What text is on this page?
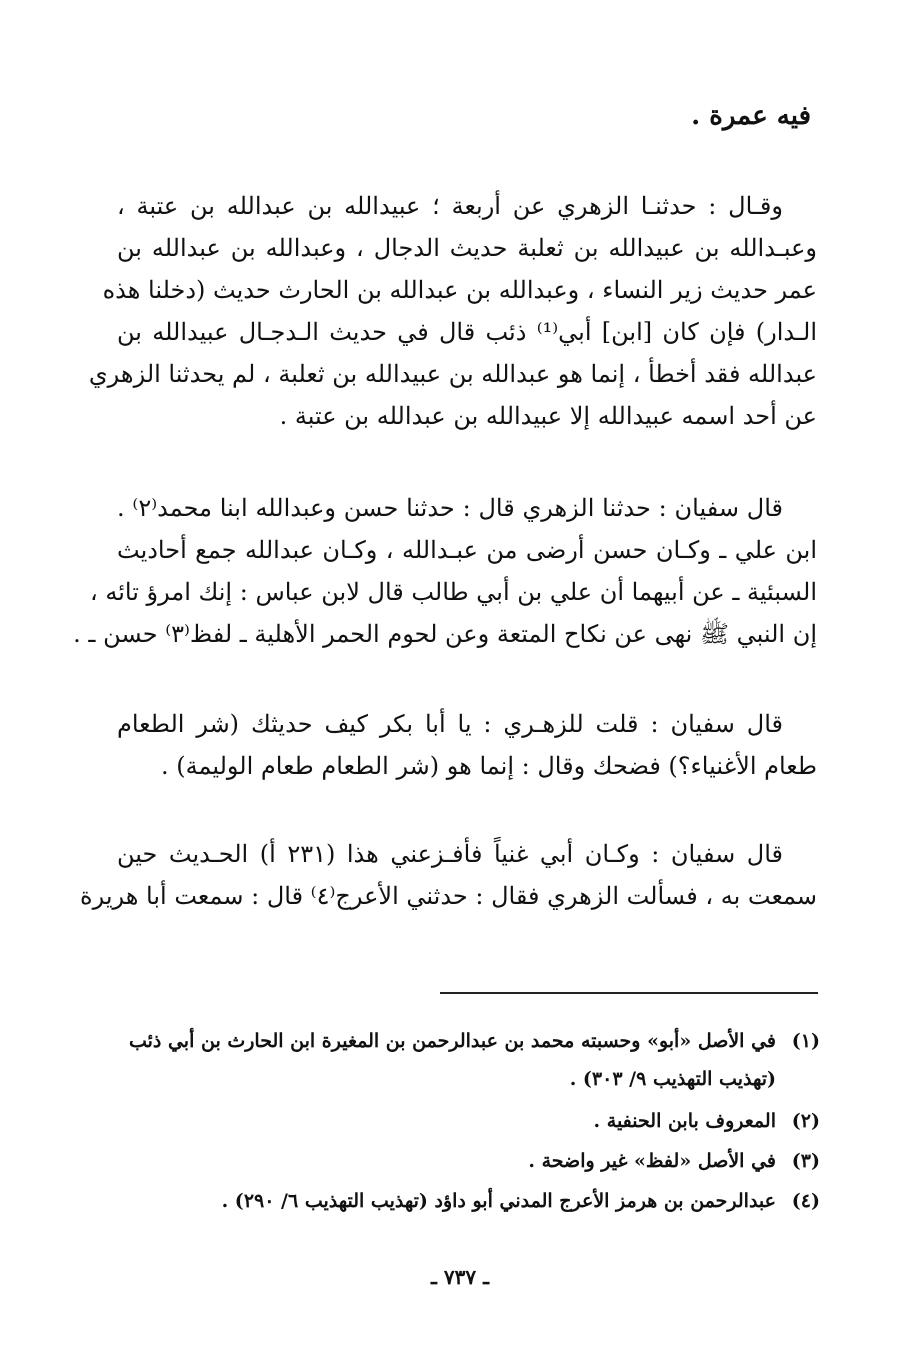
فيه عمرة .
وقـال : حدثنـا الزهري عن أربعة ؛ عبيدالله بن عبدالله بن عتبة ،
وعبـدالله بن عبيدالله بن ثعلبة حديث الدجال ، وعبدالله بن عبدالله بن
عمر حديث زير النساء ، وعبدالله بن عبدالله بن الحارث حديث (دخلنا هذه
الـدار) فإن كان [ابن] أبي⁽¹⁾ ذئب قال في حديث الـدجـال عبيدالله بن
عبدالله فقد أخطأ ، إنما هو عبدالله بن عبيدالله بن ثعلبة ، لم يحدثنا الزهري
عن أحد اسمه عبيدالله إلا عبيدالله بن عبدالله بن عتبة .
قال سفيان : حدثنا الزهري قال : حدثنا حسن وعبدالله ابنا محمد⁽٢⁾ .
ابن علي ـ وكـان حسن أرضى من عبـدالله ، وكـان عبدالله جمع أحاديث
السبئية ـ عن أبيهما أن علي بن أبي طالب قال لابن عباس : إنك امرؤ تائه ،
إن النبي ﷺ نهى عن نكاح المتعة وعن لحوم الحمر الأهلية ـ لفظ⁽٣⁾ حسن ـ .
قال سفيان : قلت للزهـري : يا أبا بكر كيف حديثك (شر الطعام
طعام الأغنياء؟) فضحك وقال : إنما هو (شر الطعام طعام الوليمة) .
قال سفيان : وكـان أبي غنياً فأفـزعني هذا (٢٣١ أ) الحـديث حين
سمعت به ، فسألت الزهري فقال : حدثني الأعرج⁽٤⁾ قال : سمعت أبا هريرة
(١)في الأصل «أبو» وحسبته محمد بن عبدالرحمن بن المغيرة ابن الحارث بن أبي ذئب
(تهذيب التهذيب ٩/ ٣٠٣) .
(٢)المعروف بابن الحنفية .
(٣)في الأصل «لفظ» غير واضحة .
(٤)عبدالرحمن بن هرمز الأعرج المدني أبو داؤد (تهذيب التهذيب ٦/ ٢٩٠) .
ـ ٧٣٧ ـ
